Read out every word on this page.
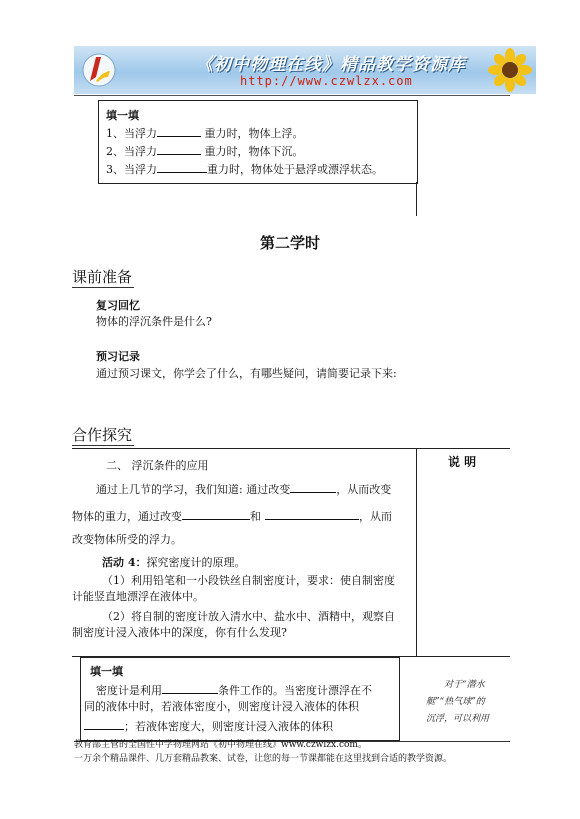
《初中物理在线》精品教学资源库
http://www.czwlzx.com
填一填
1、当浮力	重力时，物体上浮。
2、当浮力	重力时，物体下沉。
3、当浮力	重力时，物体处于悬浮或漂浮状态。
第二学时
课前准备
复习回忆
物体的浮沉条件是什么?
预习记录
通过预习课文，你学会了什么，有哪些疑问，请简要记录下来:
合作探究
说 明
二、 浮沉条件的应用
通过上几节的学习，我们知道: 通过改变	，从而改变
物体的重力，通过改变	和	，从而
改变物体所受的浮力。
活动 4：探究密度计的原理。
（1）利用铅笔和一小段铁丝自制密度计，要求：使自制密度
计能竖直地漂浮在液体中。
（2）将自制的密度计放入清水中、盐水中、酒精中，观察自
制密度计浸入液体中的深度，你有什么发现?
填一填
密度计是利用	条件工作的。当密度计漂浮在不
同的液体中时，若液体密度小，则密度计浸入液体的体积
；若液体密度大，则密度计浸入液体的体积
对于“潜水
艇”“热气球”的
沉浮，可以利用
教育部主管的全国性中学物理网站《初中物理在线》www.czwlzx.com。
一万余个精品课件、几万套精品教案、试卷，让您的每一节课都能在这里找到合适的教学资源。
